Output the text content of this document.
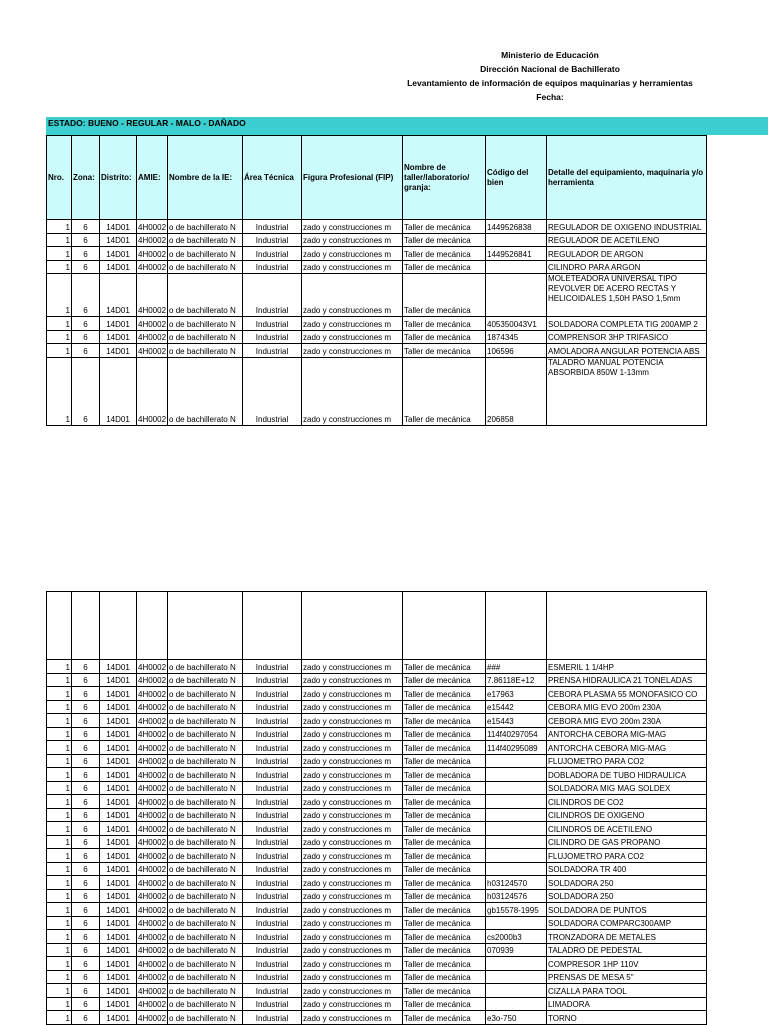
Ministerio de Educación
Dirección Nacional de Bachillerato
Levantamiento de información de equipos maquinarias y herramientas
Fecha:
ESTADO: BUENO - REGULAR - MALO - DAÑADO
Nro.	Zona:	Distrito:	AMIE:	Nombre de la IE:	Área Técnica	Figura Profesional (FIP)	Nombre de taller/laboratorio/ granja:	Código del bien	Detalle del equipamiento, maquinaria y/o herramienta
1	6	14D01	4H0002	o de bachillerato N	Industrial	zado y construcciones m	Taller de mecánica	1449526838	REGULADOR DE OXIGENO INDUSTRIAL
1	6	14D01	4H0002	o de bachillerato N	Industrial	zado y construcciones m	Taller de mecánica		REGULADOR DE ACETILENO
1	6	14D01	4H0002	o de bachillerato N	Industrial	zado y construcciones m	Taller de mecánica	1449526841	REGULADOR DE ARGON
1	6	14D01	4H0002	o de bachillerato N	Industrial	zado y construcciones m	Taller de mecánica		CILINDRO PARA ARGON
1	6	14D01	4H0002	o de bachillerato N	Industrial	zado y construcciones m	Taller de mecánica		MOLETEADORA UNIVERSAL TIPO REVOLVER DE ACERO RECTAS Y HELICOIDALES 1,50H PASO 1,5mm
1	6	14D01	4H0002	o de bachillerato N	Industrial	zado y construcciones m	Taller de mecánica	405350043V1	SOLDADORA COMPLETA TIG 200AMP 2
1	6	14D01	4H0002	o de bachillerato N	Industrial	zado y construcciones m	Taller de mecánica	1874345	COMPRENSOR 3HP TRIFASICO
1	6	14D01	4H0002	o de bachillerato N	Industrial	zado y construcciones m	Taller de mecánica	106596	AMOLADORA ANGULAR POTENCIA ABS
1	6	14D01	4H0002	o de bachillerato N	Industrial	zado y construcciones m	Taller de mecánica	206858	TALADRO MANUAL POTENCIA ABSORBIDA 850W 1-13mm

1	6	14D01	4H0002	o de bachillerato N	Industrial	zado y construcciones m	Taller de mecánica	###	ESMERIL 1 1/4HP
1	6	14D01	4H0002	o de bachillerato N	Industrial	zado y construcciones m	Taller de mecánica	7.86118E+12	PRENSA HIDRAULICA 21 TONELADAS
1	6	14D01	4H0002	o de bachillerato N	Industrial	zado y construcciones m	Taller de mecánica	e17963	CEBORA PLASMA 55 MONOFASICO CO
1	6	14D01	4H0002	o de bachillerato N	Industrial	zado y construcciones m	Taller de mecánica	e15442	CEBORA MIG EVO 200m 230A
1	6	14D01	4H0002	o de bachillerato N	Industrial	zado y construcciones m	Taller de mecánica	e15443	CEBORA MIG EVO 200m 230A
1	6	14D01	4H0002	o de bachillerato N	Industrial	zado y construcciones m	Taller de mecánica	114f40297054	ANTORCHA CEBORA MIG-MAG
1	6	14D01	4H0002	o de bachillerato N	Industrial	zado y construcciones m	Taller de mecánica	114f40295089	ANTORCHA CEBORA MIG-MAG
1	6	14D01	4H0002	o de bachillerato N	Industrial	zado y construcciones m	Taller de mecánica		FLUJOMETRO PARA CO2
1	6	14D01	4H0002	o de bachillerato N	Industrial	zado y construcciones m	Taller de mecánica		DOBLADORA DE TUBO HIDRAULICA
1	6	14D01	4H0002	o de bachillerato N	Industrial	zado y construcciones m	Taller de mecánica		SOLDADORA MIG MAG SOLDEX
1	6	14D01	4H0002	o de bachillerato N	Industrial	zado y construcciones m	Taller de mecánica		CILINDROS DE CO2
1	6	14D01	4H0002	o de bachillerato N	Industrial	zado y construcciones m	Taller de mecánica		CILINDROS DE OXIGENO
1	6	14D01	4H0002	o de bachillerato N	Industrial	zado y construcciones m	Taller de mecánica		CILINDROS DE ACETILENO
1	6	14D01	4H0002	o de bachillerato N	Industrial	zado y construcciones m	Taller de mecánica		CILINDRO DE GAS PROPANO
1	6	14D01	4H0002	o de bachillerato N	Industrial	zado y construcciones m	Taller de mecánica		FLUJOMETRO PARA CO2
1	6	14D01	4H0002	o de bachillerato N	Industrial	zado y construcciones m	Taller de mecánica		SOLDADORA TR 400
1	6	14D01	4H0002	o de bachillerato N	Industrial	zado y construcciones m	Taller de mecánica	h03124570	SOLDADORA 250
1	6	14D01	4H0002	o de bachillerato N	Industrial	zado y construcciones m	Taller de mecánica	h03124576	SOLDADORA 250
1	6	14D01	4H0002	o de bachillerato N	Industrial	zado y construcciones m	Taller de mecánica	gb15578-1995	SOLDADORA DE PUNTOS
1	6	14D01	4H0002	o de bachillerato N	Industrial	zado y construcciones m	Taller de mecánica		SOLDADORA COMPARC300AMP
1	6	14D01	4H0002	o de bachillerato N	Industrial	zado y construcciones m	Taller de mecánica	cs2000b3	TRONZADORA DE METALES
1	6	14D01	4H0002	o de bachillerato N	Industrial	zado y construcciones m	Taller de mecánica	070939	TALADRO DE PEDESTAL
1	6	14D01	4H0002	o de bachillerato N	Industrial	zado y construcciones m	Taller de mecánica		COMPRESOR 1HP 110V
1	6	14D01	4H0002	o de bachillerato N	Industrial	zado y construcciones m	Taller de mecánica		PRENSAS DE MESA 5"
1	6	14D01	4H0002	o de bachillerato N	Industrial	zado y construcciones m	Taller de mecánica		CIZALLA PARA TOOL
1	6	14D01	4H0002	o de bachillerato N	Industrial	zado y construcciones m	Taller de mecánica		LIMADORA
1	6	14D01	4H0002	o de bachillerato N	Industrial	zado y construcciones m	Taller de mecánica	e3o-750	TORNO
